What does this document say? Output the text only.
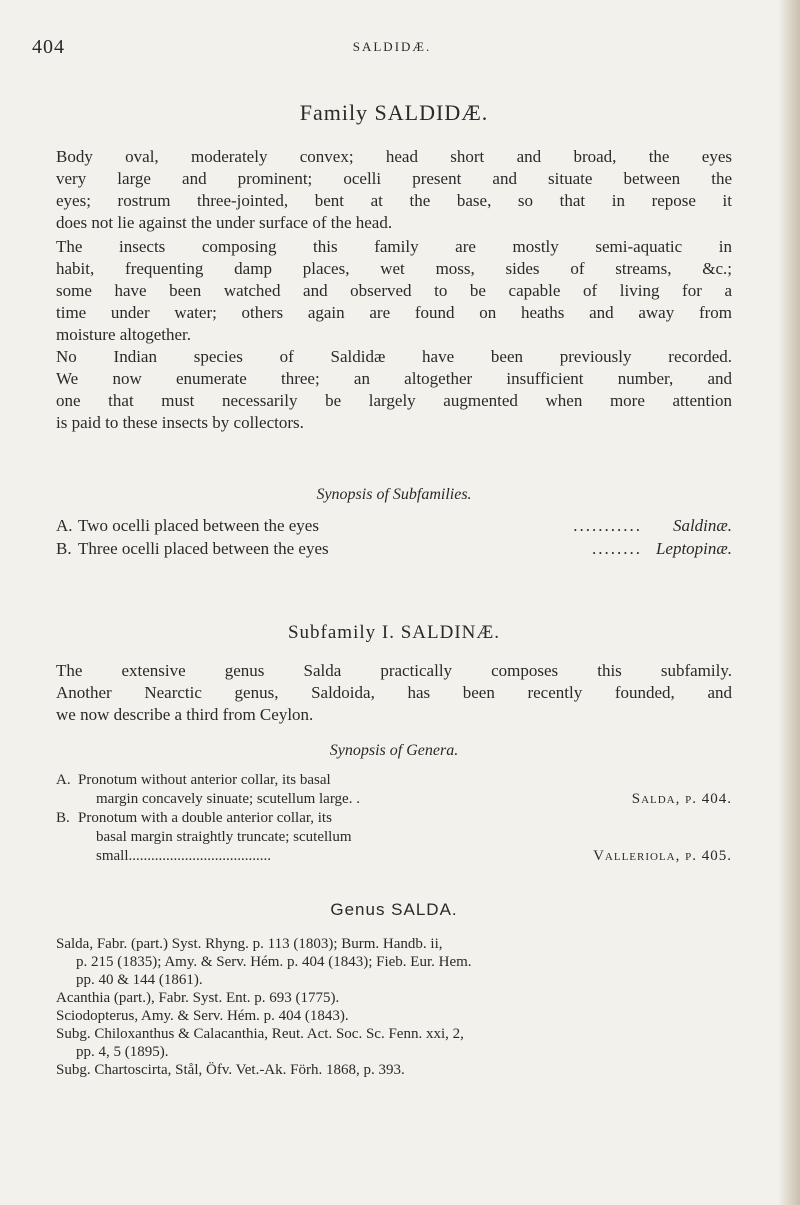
404	SALDIDÆ.
Family SALDIDÆ.
Body oval, moderately convex; head short and broad, the eyes
very large and prominent; ocelli present and situate between the
eyes; rostrum three-jointed, bent at the base, so that in repose it
does not lie against the under surface of the head.
The insects composing this family are mostly semi-aquatic in
habit, frequenting damp places, wet moss, sides of streams, &c.;
some have been watched and observed to be capable of living for a
time under water; others again are found on heaths and away from
moisture altogether.
No Indian species of Saldidæ have been previously recorded.
We now enumerate three; an altogether insufficient number, and
one that must necessarily be largely augmented when more attention
is paid to these insects by collectors.
Synopsis of Subfamilies.
A. Two ocelli placed between the eyes	........... Saldinæ.
B. Three ocelli placed between the eyes	........ Leptopinæ.
Subfamily I. SALDINÆ.
The extensive genus Salda practically composes this subfamily.
Another Nearctic genus, Saldoida, has been recently founded, and
we now describe a third from Ceylon.
Synopsis of Genera.
A. Pronotum without anterior collar, its basal
margin concavely sinuate; scutellum large. .	Salda, p. 404.
B. Pronotum with a double anterior collar, its
basal margin straightly truncate; scutellum
small......................................	Valleriola, p. 405.
Genus SALDA.
Salda, Fabr. (part.) Syst. Rhyng. p. 113 (1803); Burm. Handb. ii,
p. 215 (1835); Amy. & Serv. Hém. p. 404 (1843); Fieb. Eur. Hem.
pp. 40 & 144 (1861).
Acanthia (part.), Fabr. Syst. Ent. p. 693 (1775).
Sciodopterus, Amy. & Serv. Hém. p. 404 (1843).
Subg. Chiloxanthus & Calacanthia, Reut. Act. Soc. Sc. Fenn. xxi, 2,
pp. 4, 5 (1895).
Subg. Chartoscirta, Stål, Öfv. Vet.-Ak. Förh. 1868, p. 393.
